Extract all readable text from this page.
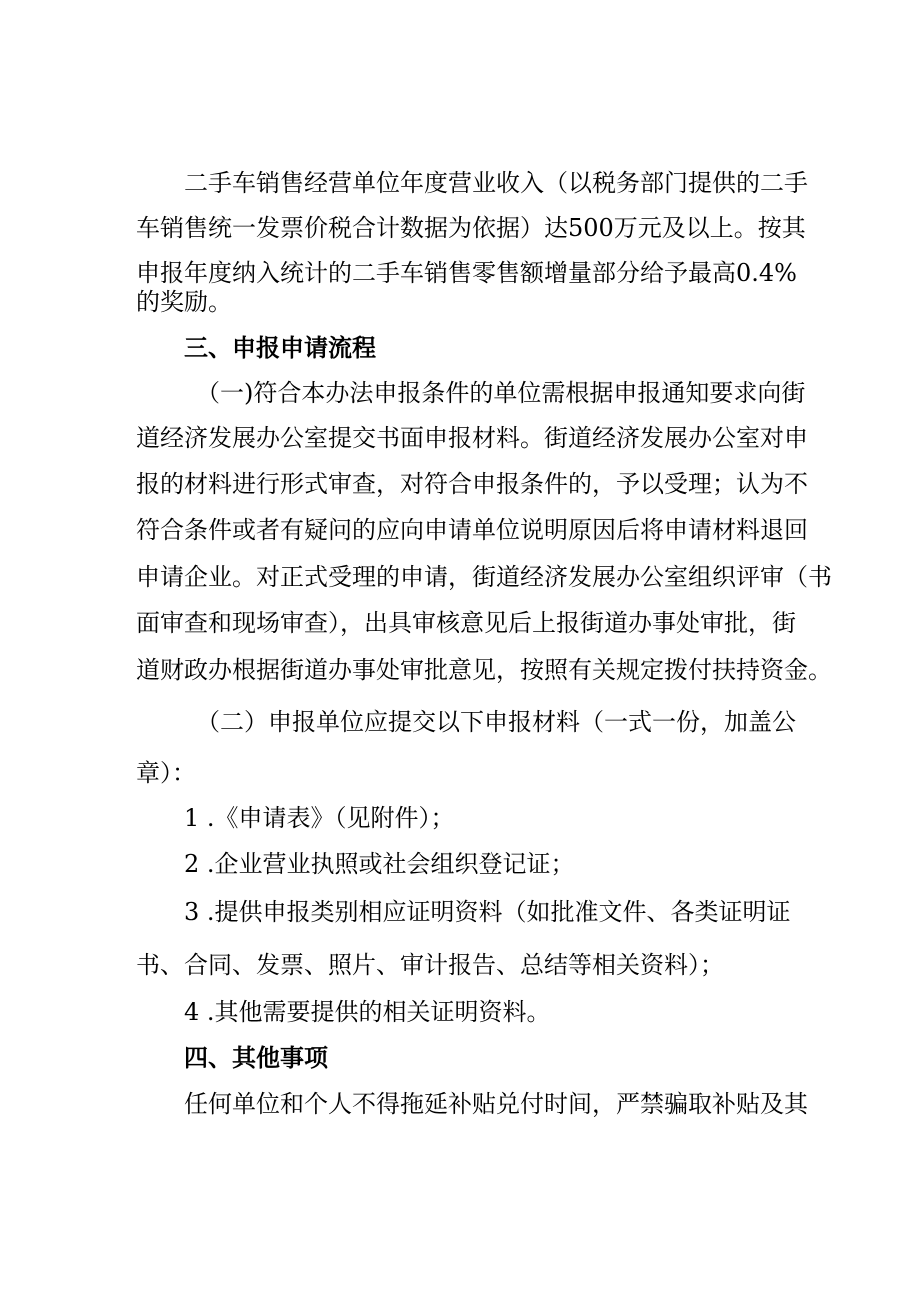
二手车销售经营单位年度营业收入（以税务部门提供的二手
车销售统一发票价税合计数据为依据）达500万元及以上。按其
申报年度纳入统计的二手车销售零售额增量部分给予最高0.4%
的奖励。
三、申报申请流程
（一)符合本办法申报条件的单位需根据申报通知要求向街
道经济发展办公室提交书面申报材料。街道经济发展办公室对申
报的材料进行形式审查，对符合申报条件的，予以受理；认为不
符合条件或者有疑问的应向申请单位说明原因后将申请材料退回
申请企业。对正式受理的申请，街道经济发展办公室组织评审（书
面审查和现场审查），出具审核意见后上报街道办事处审批，街
道财政办根据街道办事处审批意见，按照有关规定拨付扶持资金。
（二）申报单位应提交以下申报材料（一式一份，加盖公
章）：
1 .《申请表》（见附件）；
2 .企业营业执照或社会组织登记证；
3 .提供申报类别相应证明资料（如批准文件、各类证明证
书、合同、发票、照片、审计报告、总结等相关资料）；
4 .其他需要提供的相关证明资料。
四、其他事项
任何单位和个人不得拖延补贴兑付时间，严禁骗取补贴及其
